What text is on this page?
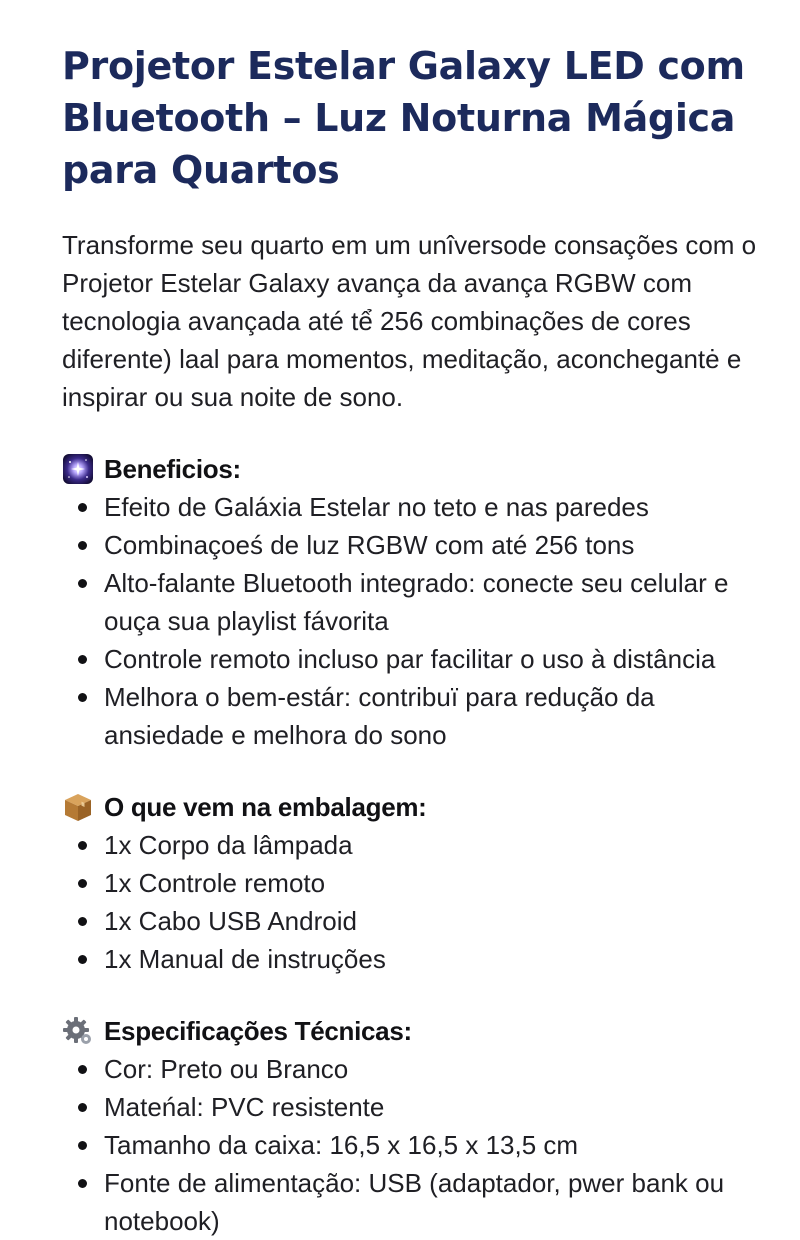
Projetor Estelar Galaxy LED com Bluetooth – Luz Noturna Mágica para Quartos

Transforme seu quarto em um unîversode consações com o Projetor Estelar Galaxy avança da avança RGBW com tecnologia avançada até tể 256 combinações de cores diferente) laal para momentos, meditação, aconchegantė e inspirar ou sua noite de sono.

Beneficios:
Efeito de Galáxia Estelar no teto e nas paredes
Combinaçoeś de luz RGBW com até 256 tons
Alto-falante Bluetooth integrado: conecte seu celular e ouça sua playlist fávorita
Controle remoto incluso par facilitar o uso à distância
Melhora o bem-estár: contribuï para redução da ansiedade e melhora do sono
O que vem na embalagem:
1x Corpo da lâmpada
1x Controle remoto
1x Cabo USB Android
1x Manual de instruções
Especificações Técnicas:
Cor: Preto ou Branco
Mateńal: PVC resistente
Tamanho da caixa: 16,5 x 16,5 x 13,5 cm
Fonte de alimentação: USB (adaptador, pwer bank ou notebook)
